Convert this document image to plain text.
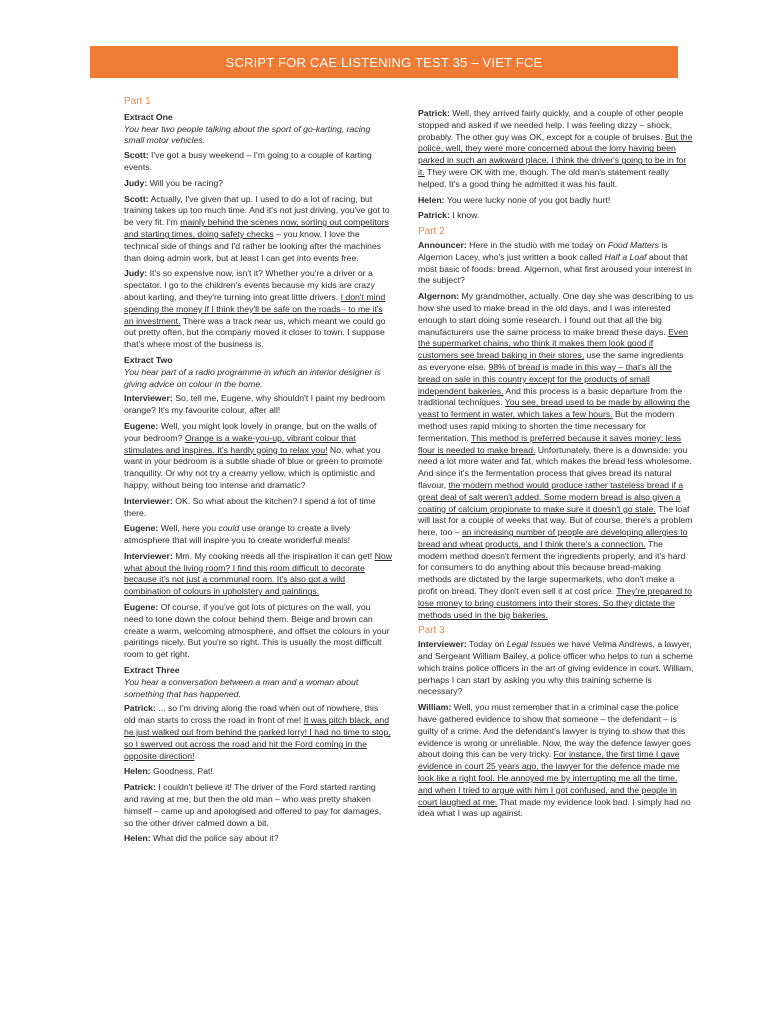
SCRIPT FOR CAE LISTENING TEST 35 – VIET FCE
Part 1
Extract One
You hear two people talking about the sport of go-karting, racing small motor vehicles.
Scott: I've got a busy weekend – I'm going to a couple of karting events.
Judy: Will you be racing?
Scott: Actually, I've given that up. I used to do a lot of racing, but training takes up too much time. And it's not just driving, you've got to be very fit. I'm mainly behind the scenes now, sorting out competitors and starting times, doing safety checks – you know. I love the technical side of things and I'd rather be looking after the machines than doing admin work, but at least I can get into events free.
Judy: It's so expensive now, isn't it? Whether you're a driver or a spectator. I go to the children's events because my kids are crazy about karting, and they're turning into great little drivers. I don't mind spending the money if I think they'll be safe on the roads - to me it's an investment. There was a track near us, which meant we could go out pretty often, but the company moved it closer to town. I suppose that's where most of the business is.
Extract Two
You hear part of a radio programme in which an interior designer is giving advice on colour in the home.
Interviewer: So, tell me, Eugene, why shouldn't I paint my bedroom orange? It's my favourite colour, after all!
Eugene: Well, you might look lovely in orange, but on the walls of your bedroom? Orange is a wake-you-up, vibrant colour that stimulates and inspires. It's hardly going to relax you! No, what you want in your bedroom is a subtle shade of blue or green to promote tranquility. Or why not try a creamy yellow, which is optimistic and happy, without being too intense and dramatic?
Interviewer: OK. So what about the kitchen? I spend a lot of time there.
Eugene: Well, here you could use orange to create a lively atmosphere that will inspire you to create wonderful meals!
Interviewer: Mm. My cooking needs all the inspiration it can get! Now what about the living room? I find this room difficult to decorate because it's not just a communal room. It's also got a wild combination of colours in upholstery and paintings.
Eugene: Of course, if you've got lots of pictures on the wall, you need to tone down the colour behind them. Beige and brown can create a warm, welcoming atmosphere, and offset the colours in your paintings nicely. But you're so right. This is usually the most difficult room to get right.
Extract Three
You hear a conversation between a man and a woman about something that has happened.
Patrick: ... so I'm driving along the road when out of nowhere, this old man starts to cross the road in front of me! It was pitch black, and he just walked out from behind the parked lorry! I had no time to stop, so I swerved out across the road and hit the Ford coming in the opposite direction!
Helen: Goodness, Pat!
Patrick: I couldn't believe it! The driver of the Ford started ranting and raving at me, but then the old man – who was pretty shaken himself – came up and apologised and offered to pay for damages, so the other driver calmed down a bit.
Helen: What did the police say about it?
Patrick: Well, they arrived fairly quickly, and a couple of other people stopped and asked if we needed help. I was feeling dizzy – shock, probably. The other guy was OK, except for a couple of bruises. But the police, well, they were more concerned about the lorry having been parked in such an awkward place. I think the driver's going to be in for it. They were OK with me, though. The old man's statement really helped. It's a good thing he admitted it was his fault.
Helen: You were lucky none of you got badly hurt!
Patrick: I know.
Part 2
Announcer: Here in the studio with me today on Food Matters is Algernon Lacey, who's just written a book called Half a Loaf about that most basic of foods: bread. Algernon, what first aroused your interest in the subject?
Algernon: My grandmother, actually. One day she was describing to us how she used to make bread in the old days, and I was interested enough to start doing some research. I found out that all the big manufacturers use the same process to make bread these days. Even the supermarket chains, who think it makes them look good if customers see bread baking in their stores, use the same ingredients as everyone else. 98% of bread is made in this way – that's all the bread on sale in this country except for the products of small independent bakeries. And this process is a basic departure from the traditional techniques. You see, bread used to be made by allowing the yeast to ferment in water, which takes a few hours. But the modern method uses rapid mixing to shorten the time necessary for fermentation. This method is preferred because it saves money: less flour is needed to make bread. Unfortunately, there is a downside: you need a lot more water and fat, which makes the bread less wholesome. And since it's the fermentation process that gives bread its natural flavour, the modern method would produce rather tasteless bread if a great deal of salt weren't added. Some modern bread is also given a coating of calcium propionate to make sure it doesn't go stale. The loaf will last for a couple of weeks that way. But of course, there's a problem here, too – an increasing number of people are developing allergies to bread and wheat products, and I think there's a connection. The modern method doesn't ferment the ingredients properly, and it's hard for consumers to do anything about this because bread-making methods are dictated by the large supermarkets, who don't make a profit on bread. They don't even sell it at cost price. They're prepared to lose money to bring customers into their stores. So they dictate the methods used in the big bakeries.
Part 3
Interviewer: Today on Legal Issues we have Velma Andrews, a lawyer, and Sergeant William Bailey, a police officer who helps to run a scheme which trains police officers in the art of giving evidence in court. William, perhaps I can start by asking you why this training scheme is necessary?
William: Well, you must remember that in a criminal case the police have gathered evidence to show that someone – the defendant – is guilty of a crime. And the defendant's lawyer is trying to show that this evidence is wrong or unreliable. Now, the way the defence lawyer goes about doing this can be very tricky. For instance, the first time I gave evidence in court 25 years ago, the lawyer for the defence made me look like a right fool. He annoyed me by interrupting me all the time, and when I tried to argue with him I got confused, and the people in court laughed at me. That made my evidence look bad. I simply had no idea what I was up against.
